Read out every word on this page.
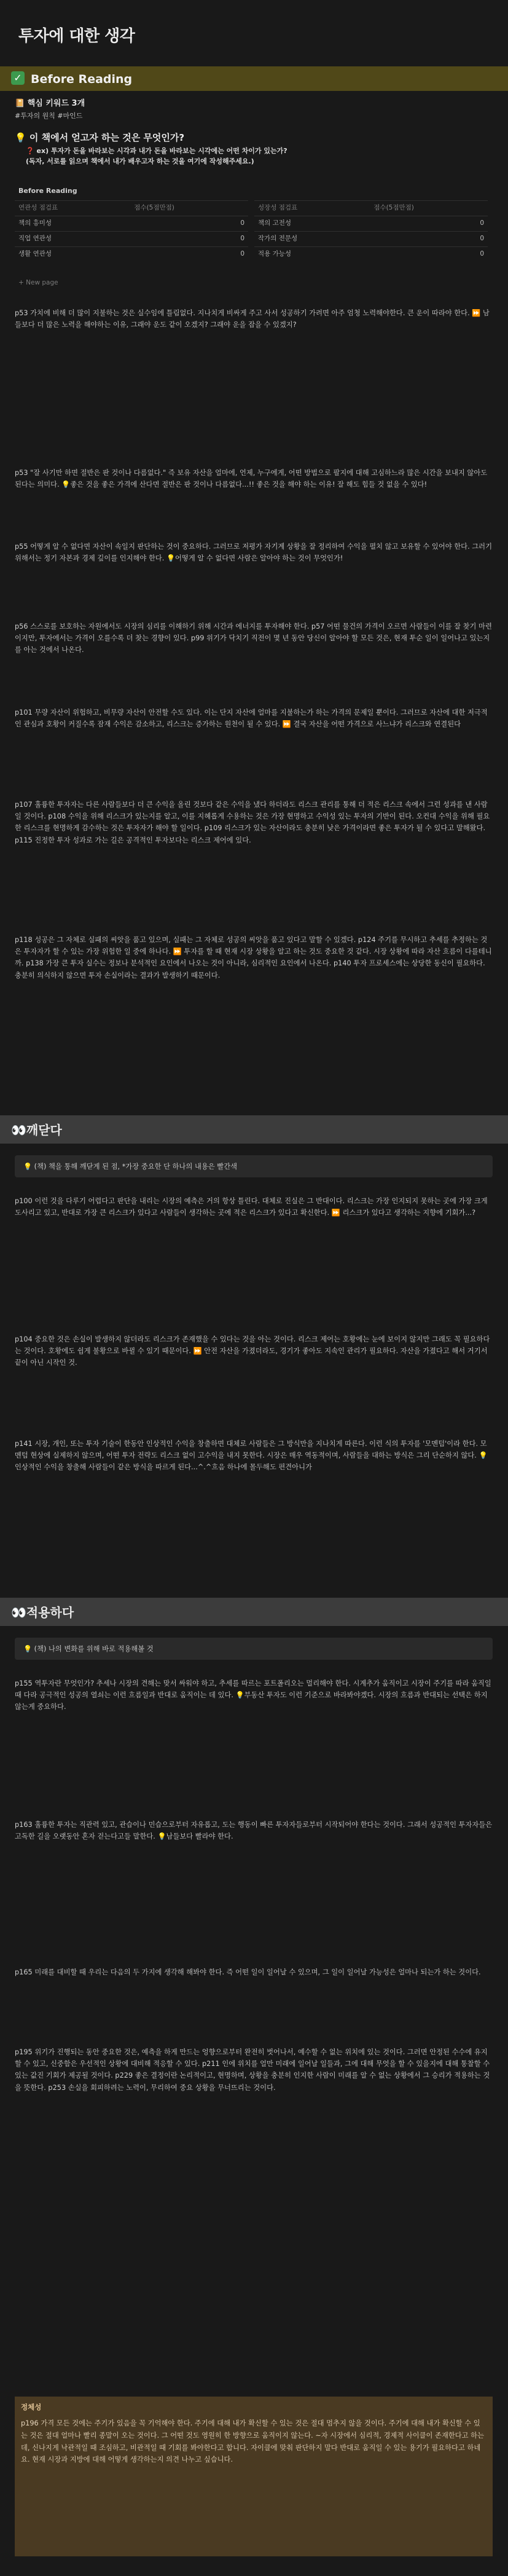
투자에 대한 생각
✓ Before Reading
📔 핵심 키워드 3개
#투자의 원칙 #마인드
💡 이 책에서 얻고자 하는 것은 무엇인가?
❓ ex) 투자가 돈을 바라보는 시각과 내가 돈을 바라보는 시각에는 어떤 차이가 있는가?
(독자, 서로를 읽으며 책에서 내가 배우고자 하는 것을 여기에 작성해주세요.)
Before Reading
연관성 점검표	점수(5점만점)
책의 흥미성	0
직업 연관성	0
생활 연관성	0
성장성 점검표	점수(5점만점)
책의 고전성	0
작가의 전문성	0
적용 가능성	0
+ New page
p53 가치에 비해 더 많이 지불하는 것은 실수임에 틀림없다. 지나치게 비싸게 주고 사서 성공하기 가려면 아주 엄청 노력해야한다. 큰 운이 따라야 한다. ⏩ 남들보다 더 많은 노력을 해야하는 이유, 그래야 운도 같이 오겠지? 그래야 운을 잡을 수 있겠지?
p53 "잘 사기만 하면 절반은 판 것이나 다름없다." 즉 보유 자산을 얼마에, 언제, 누구에게, 어떤 방법으로 팔지에 대해 고심하느라 많은 시간을 보내지 않아도 된다는 의미다. 💡좋은 것을 좋은 가격에 산다면 절반은 판 것이나 다름없다...!! 좋은 것을 해야 하는 이유! 잘 해도 힘들 것 없을 수 있다!
p55 어떻게 알 수 없다면 자산이 속일지 판단하는 것이 중요하다. 그러므로 저평가 자기계 상황을 잘 정리하여 수익을 펼치 않고 보유할 수 있어야 한다. 그러기 위해서는 정기 자본과 경제 깊이를 인지해야 한다. 💡어떻게 알 수 없다면 사람은 알아야 하는 것이 무엇인가!
p56 스스로를 보호하는 자원에서도 시장의 심리를 이해하기 위해 시간과 에너지를 투자해야 한다. p57 어떤 물건의 가격이 오르면 사람들이 이를 잘 찾기 마련이지만, 투자에서는 가격이 오를수록 더 찾는 경향이 있다. p99 위기가 닥치기 직전이 몇 년 동안 당신이 알아야 할 모든 것은, 현재 투순 일이 일어나고 있는지를 아는 것에서 나온다.
p101 무량 자산이 위험하고, 비무량 자산이 안전할 수도 있다. 이는 단지 자산에 얼마를 지불하는가 하는 가격의 문제일 뿐이다. 그러므로 자산에 대한 저극적인 관심과 호황이 커질수록 잠재 수익은 감소하고, 리스크는 증가하는 원천이 될 수 있다. ⏩ 결국 자산을 어떤 가격으로 사느냐가 리스크와 연결된다
p107 훌륭한 투자자는 다른 사람들보다 더 큰 수익을 올린 것보다 같은 수익을 냈다 하더라도 리스크 관리를 통해 더 적은 리스크 속에서 그런 성과를 낸 사람일 것이다. p108 수익을 위해 리스크가 있는지를 알고, 이를 지혜롭게 수용하는 것은 가장 현명하고 수익성 있는 투자의 기반이 된다. 오컨대 수익을 위해 필요한 리스크를 현명하게 감수하는 것은 투자자가 해야 할 일이다. p109 리스크가 있는 자산이라도 충분히 낮은 가격이라면 좋은 투자가 될 수 있다고 말해왔다. p115 진정한 투자 성과로 가는 길은 공격적인 투자보다는 리스크 제어에 있다.
p118 성공은 그 자체로 실패의 씨앗을 품고 있으며, 실패는 그 자체로 성공의 씨앗을 품고 있다고 말할 수 있겠다. p124 주기를 무시하고 추세를 추정하는 것은 투자자가 할 수 있는 가장 위험한 일 중에 하나다. ⏩ 투자를 할 때 현재 시장 상황을 알고 하는 것도 중요한 것 같다. 시장 상황에 따라 자산 흐름이 다를테니까. p138 가장 큰 투자 실수는 정보나 분석적인 요인에서 나오는 것이 아니라, 심리적인 요인에서 나온다. p140 투자 프로세스에는 상당한 동신이 필요하다. 충분히 의식하지 않으면 투자 손실이라는 결과가 발생하기 때문이다.
👀깨닫다
💡 (책) 책을 통해 깨닫게 된 점, *가장 중요한 단 하나의 내용은 빨간색
p100 이런 것을 다루기 어렵다고 판단을 내리는 시장의 예측은 거의 항상 틀린다. 대체로 진실은 그 반대이다. 리스크는 가장 인지되지 못하는 곳에 가장 크게 도사리고 있고, 반대로 가장 큰 리스크가 있다고 사람들이 생각하는 곳에 적은 리스크가 있다고 확신한다. ⏩ 리스크가 있다고 생각하는 지향에 기회가...?
p104 중요한 것은 손실이 발생하지 않더라도 리스크가 존재했을 수 있다는 것을 아는 것이다. 리스크 제어는 호황에는 눈에 보이지 않지만 그래도 꼭 필요하다는 것이다. 호황에도 쉽게 불황으로 바뀔 수 있기 때문이다. ⏩ 안전 자산을 가졌더라도, 경기가 좋아도 지속인 관리가 필요하다. 자산을 가졌다고 해서 거기서 끝이 아닌 시작인 것.
p141 시장, 개인, 또는 투자 기술이 한동안 인상적인 수익을 창출하면 대체로 사람들은 그 방식만을 지나치게 따른다. 이런 식의 투자를 '모멘텀'이라 한다. 모멘텀 현상에 실제하지 않으며, 어떤 투자 전략도 리스크 없이 고수익을 내지 못한다. 시장은 매우 역동적이며, 사람들을 대하는 방식은 그리 단순하지 않다. 💡인상적인 수익을 창출해 사람들이 같은 방식을 따르게 된다...^.^흐음 하나에 몰두해도 편견아니가
👀적용하다
💡 (책) 나의 변화를 위해 바로 적용해볼 것
p155 역투자란 무엇인가? 추세나 시장의 견해는 맞서 싸워야 하고, 추세를 따르는 포트폴리오는 멀리해야 한다. 시계추가 움직이고 시장이 주기를 따라 움직일 때 다라 공극적인 성공의 열쇠는 이런 흐름일과 반대로 움직이는 데 있다. 💡부동산 투자도 이런 기준으로 바라봐야겠다. 시장의 흐름과 반대되는 선택은 하지 않는게 중요하다.
p163 훌륭한 투자는 직관력 있고, 관습이나 민습으로부터 자유롭고, 도는 행동이 빠른 투자자들로부터 시작되어야 한다는 것이다. 그래서 성공적인 투자자들은 고독한 길을 오랫동안 혼자 걷는다고들 말한다. 💡남들보다 빨라야 한다.
p165 미래를 대비할 때 우리는 다음의 두 가지에 생각해 해봐야 한다. 즉 어떤 일이 일어날 수 있으며, 그 일이 일어날 가능성은 얼마나 되는가 하는 것이다.
p195 위기가 진행되는 동안 중요한 것은, 예측을 하게 만드는 엉향으로부터 완전히 벗어나서, 예수할 수 없는 위치에 있는 것이다. 그러면 안정된 수수에 유지할 수 있고, 신중함은 우선적인 상황에 대비해 적응할 수 있다. p211 인에 위치를 얼만 미래에 일어날 일들과, 그에 대해 무엇을 할 수 있을지에 대해 통찰할 수 있는 값진 기회가 제공될 것이다. p229 좋은 결정이란 논리적이고, 현명하며, 상황을 충분히 인지한 사람이 미래를 알 수 없는 상황에서 그 승리가 적용하는 것을 뜻한다. p253 손실을 회피하려는 노력이, 무리하여 중요 상황을 무너뜨리는 것이다.
정체성
p196 가격 모든 것에는 주기가 있음을 꼭 기억해야 한다. 주기에 대해 내가 확신할 수 있는 것은 절대 멈추지 않을 것이다. 주기에 대해 내가 확신할 수 있는 것은 절대 얼마나 빨리 종말이 오는 것이다. 그 어떤 것도 영원히 한 방향으로 움직이지 않는다. ~자 시장에서 심리적, 경제적 사이클이 존재한다고 하는데, 신나지게 낙관적일 때 조심하고, 비관적일 때 기회를 봐야한다고 합니다. 자이클에 맞춰 판단하지 말다 반대로 움직일 수 있는 용기가 필요하다고 하네요. 현재 시장과 지방에 대해 어떻게 생각하는지 의견 나누고 싶습니다.
